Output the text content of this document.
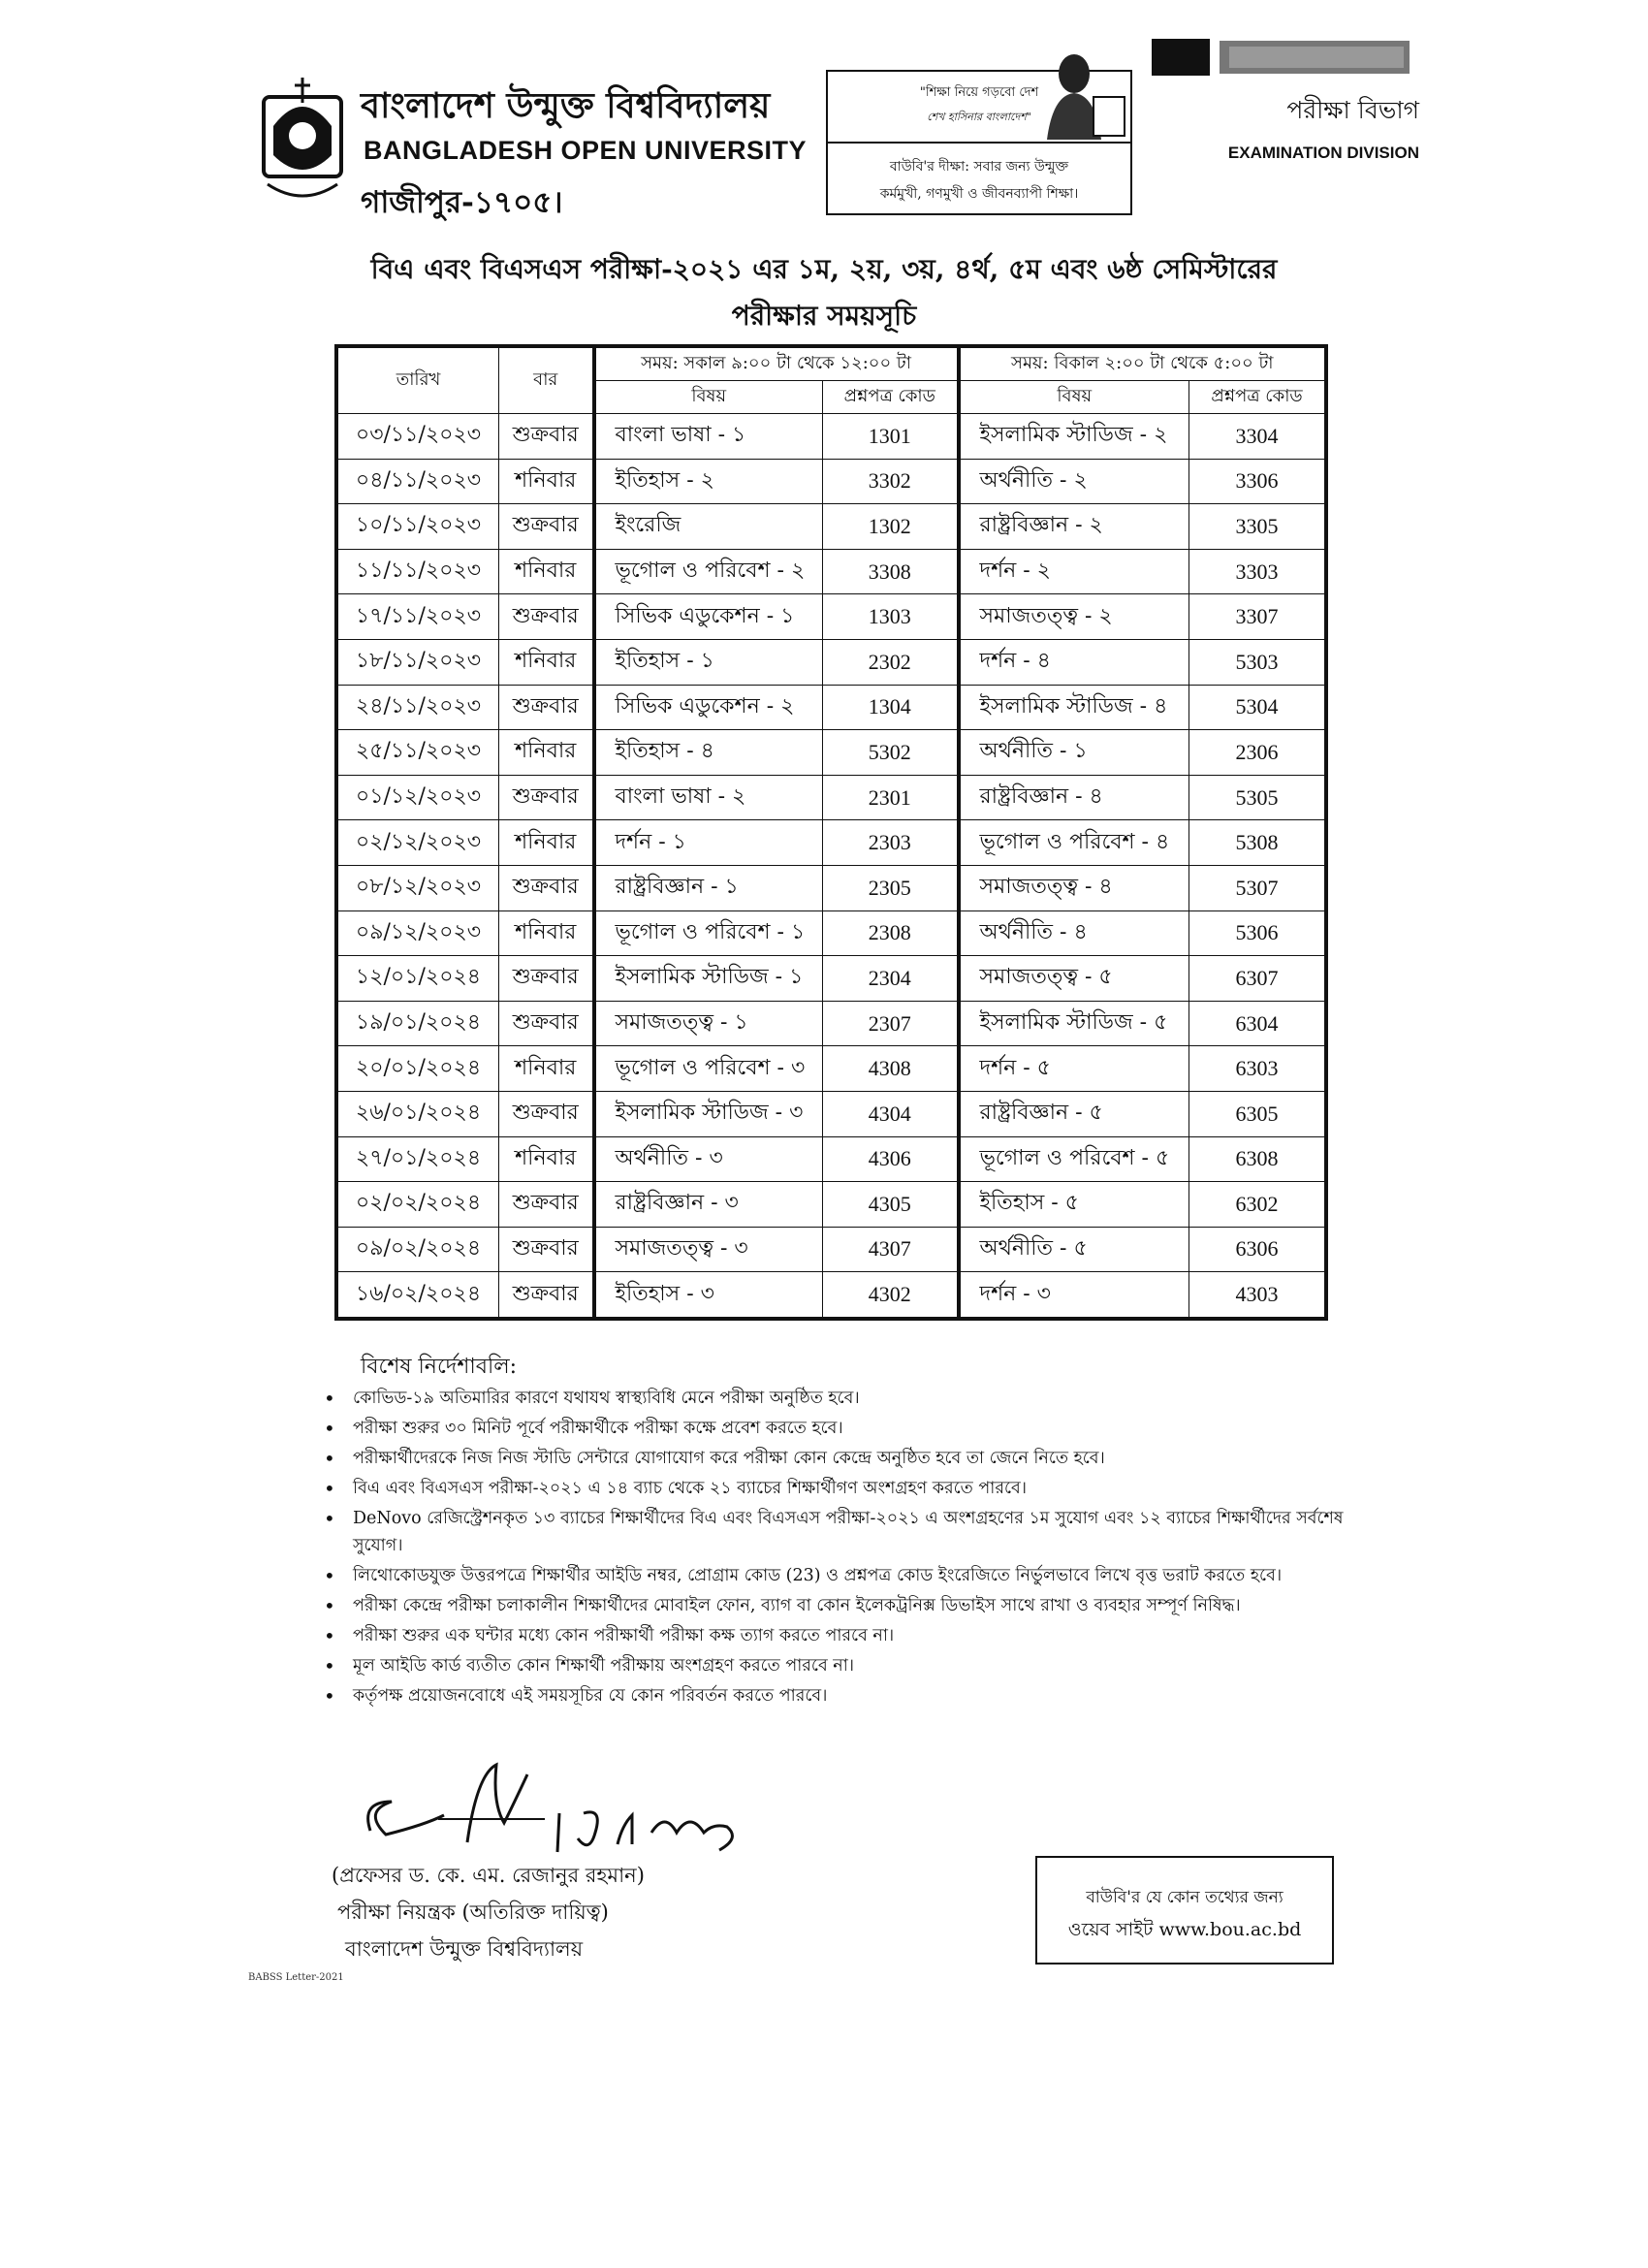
বাংলাদেশ উন্মুক্ত বিশ্ববিদ্যালয়
BANGLADESH OPEN UNIVERSITY
গাজীপুর-১৭০৫।
"শিক্ষা নিয়ে গড়বো দেশ
শেখ হাসিনার বাংলাদেশ"
বাউবি'র দীক্ষা: সবার জন্য উন্মুক্ত
কর্মমুখী, গণমুখী ও জীবনব্যাপী শিক্ষা।
পরীক্ষা বিভাগ
EXAMINATION DIVISION
বিএ এবং বিএসএস পরীক্ষা-২০২১ এর ১ম, ২য়, ৩য়, ৪র্থ, ৫ম এবং ৬ষ্ঠ সেমিস্টারের
পরীক্ষার সময়সূচি
তারিখ	বার	সময়: সকাল ৯:০০ টা থেকে ১২:০০ টা		সময়: বিকাল ২:০০ টা থেকে ৫:০০ টা	
		বিষয়	প্রশ্নপত্র কোড	বিষয়	প্রশ্নপত্র কোড
০৩/১১/২০২৩	শুক্রবার	বাংলা ভাষা - ১	1301	ইসলামিক স্টাডিজ - ২	3304
০৪/১১/২০২৩	শনিবার	ইতিহাস - ২	3302	অর্থনীতি - ২	3306
১০/১১/২০২৩	শুক্রবার	ইংরেজি	1302	রাষ্ট্রবিজ্ঞান - ২	3305
১১/১১/২০২৩	শনিবার	ভূগোল ও পরিবেশ - ২	3308	দর্শন - ২	3303
১৭/১১/২০২৩	শুক্রবার	সিভিক এডুকেশন - ১	1303	সমাজতত্ত্ব - ২	3307
১৮/১১/২০২৩	শনিবার	ইতিহাস - ১	2302	দর্শন - ৪	5303
২৪/১১/২০২৩	শুক্রবার	সিভিক এডুকেশন - ২	1304	ইসলামিক স্টাডিজ - ৪	5304
২৫/১১/২০২৩	শনিবার	ইতিহাস - ৪	5302	অর্থনীতি - ১	2306
০১/১২/২০২৩	শুক্রবার	বাংলা ভাষা - ২	2301	রাষ্ট্রবিজ্ঞান - ৪	5305
০২/১২/২০২৩	শনিবার	দর্শন - ১	2303	ভূগোল ও পরিবেশ - ৪	5308
০৮/১২/২০২৩	শুক্রবার	রাষ্ট্রবিজ্ঞান - ১	2305	সমাজতত্ত্ব - ৪	5307
০৯/১২/২০২৩	শনিবার	ভূগোল ও পরিবেশ - ১	2308	অর্থনীতি - ৪	5306
১২/০১/২০২৪	শুক্রবার	ইসলামিক স্টাডিজ - ১	2304	সমাজতত্ত্ব - ৫	6307
১৯/০১/২০২৪	শুক্রবার	সমাজতত্ত্ব - ১	2307	ইসলামিক স্টাডিজ - ৫	6304
২০/০১/২০২৪	শনিবার	ভূগোল ও পরিবেশ - ৩	4308	দর্শন - ৫	6303
২৬/০১/২০২৪	শুক্রবার	ইসলামিক স্টাডিজ - ৩	4304	রাষ্ট্রবিজ্ঞান - ৫	6305
২৭/০১/২০২৪	শনিবার	অর্থনীতি - ৩	4306	ভূগোল ও পরিবেশ - ৫	6308
০২/০২/২০২৪	শুক্রবার	রাষ্ট্রবিজ্ঞান - ৩	4305	ইতিহাস - ৫	6302
০৯/০২/২০২৪	শুক্রবার	সমাজতত্ত্ব - ৩	4307	অর্থনীতি - ৫	6306
১৬/০২/২০২৪	শুক্রবার	ইতিহাস - ৩	4302	দর্শন - ৩	4303
বিশেষ নির্দেশাবলি:
• কোভিড-১৯ অতিমারির কারণে যথাযথ স্বাস্থ্যবিধি মেনে পরীক্ষা অনুষ্ঠিত হবে।
• পরীক্ষা শুরুর ৩০ মিনিট পূর্বে পরীক্ষার্থীকে পরীক্ষা কক্ষে প্রবেশ করতে হবে।
• পরীক্ষার্থীদেরকে নিজ নিজ স্টাডি সেন্টারে যোগাযোগ করে পরীক্ষা কোন কেন্দ্রে অনুষ্ঠিত হবে তা জেনে নিতে হবে।
• বিএ এবং বিএসএস পরীক্ষা-২০২১ এ ১৪ ব্যাচ থেকে ২১ ব্যাচের শিক্ষার্থীগণ অংশগ্রহণ করতে পারবে।
• DeNovo রেজিস্ট্রেশনকৃত ১৩ ব্যাচের শিক্ষার্থীদের বিএ এবং বিএসএস পরীক্ষা-২০২১ এ অংশগ্রহণের ১ম সুযোগ এবং ১২ ব্যাচের শিক্ষার্থীদের সর্বশেষ সুযোগ।
• লিথোকোডযুক্ত উত্তরপত্রে শিক্ষার্থীর আইডি নম্বর, প্রোগ্রাম কোড (23) ও প্রশ্নপত্র কোড ইংরেজিতে নির্ভুলভাবে লিখে বৃত্ত ভরাট করতে হবে।
• পরীক্ষা কেন্দ্রে পরীক্ষা চলাকালীন শিক্ষার্থীদের মোবাইল ফোন, ব্যাগ বা কোন ইলেকট্রনিক্স ডিভাইস সাথে রাখা ও ব্যবহার সম্পূর্ণ নিষিদ্ধ।
• পরীক্ষা শুরুর এক ঘন্টার মধ্যে কোন পরীক্ষার্থী পরীক্ষা কক্ষ ত্যাগ করতে পারবে না।
• মূল আইডি কার্ড ব্যতীত কোন শিক্ষার্থী পরীক্ষায় অংশগ্রহণ করতে পারবে না।
• কর্তৃপক্ষ প্রয়োজনবোধে এই সময়সূচির যে কোন পরিবর্তন করতে পারবে।
(প্রফেসর ড. কে. এম. রেজানুর রহমান)
পরীক্ষা নিয়ন্ত্রক (অতিরিক্ত দায়িত্ব)
বাংলাদেশ উন্মুক্ত বিশ্ববিদ্যালয়
বাউবি'র যে কোন তথ্যের জন্য
ওয়েব সাইট www.bou.ac.bd
BABSS Letter-2021
